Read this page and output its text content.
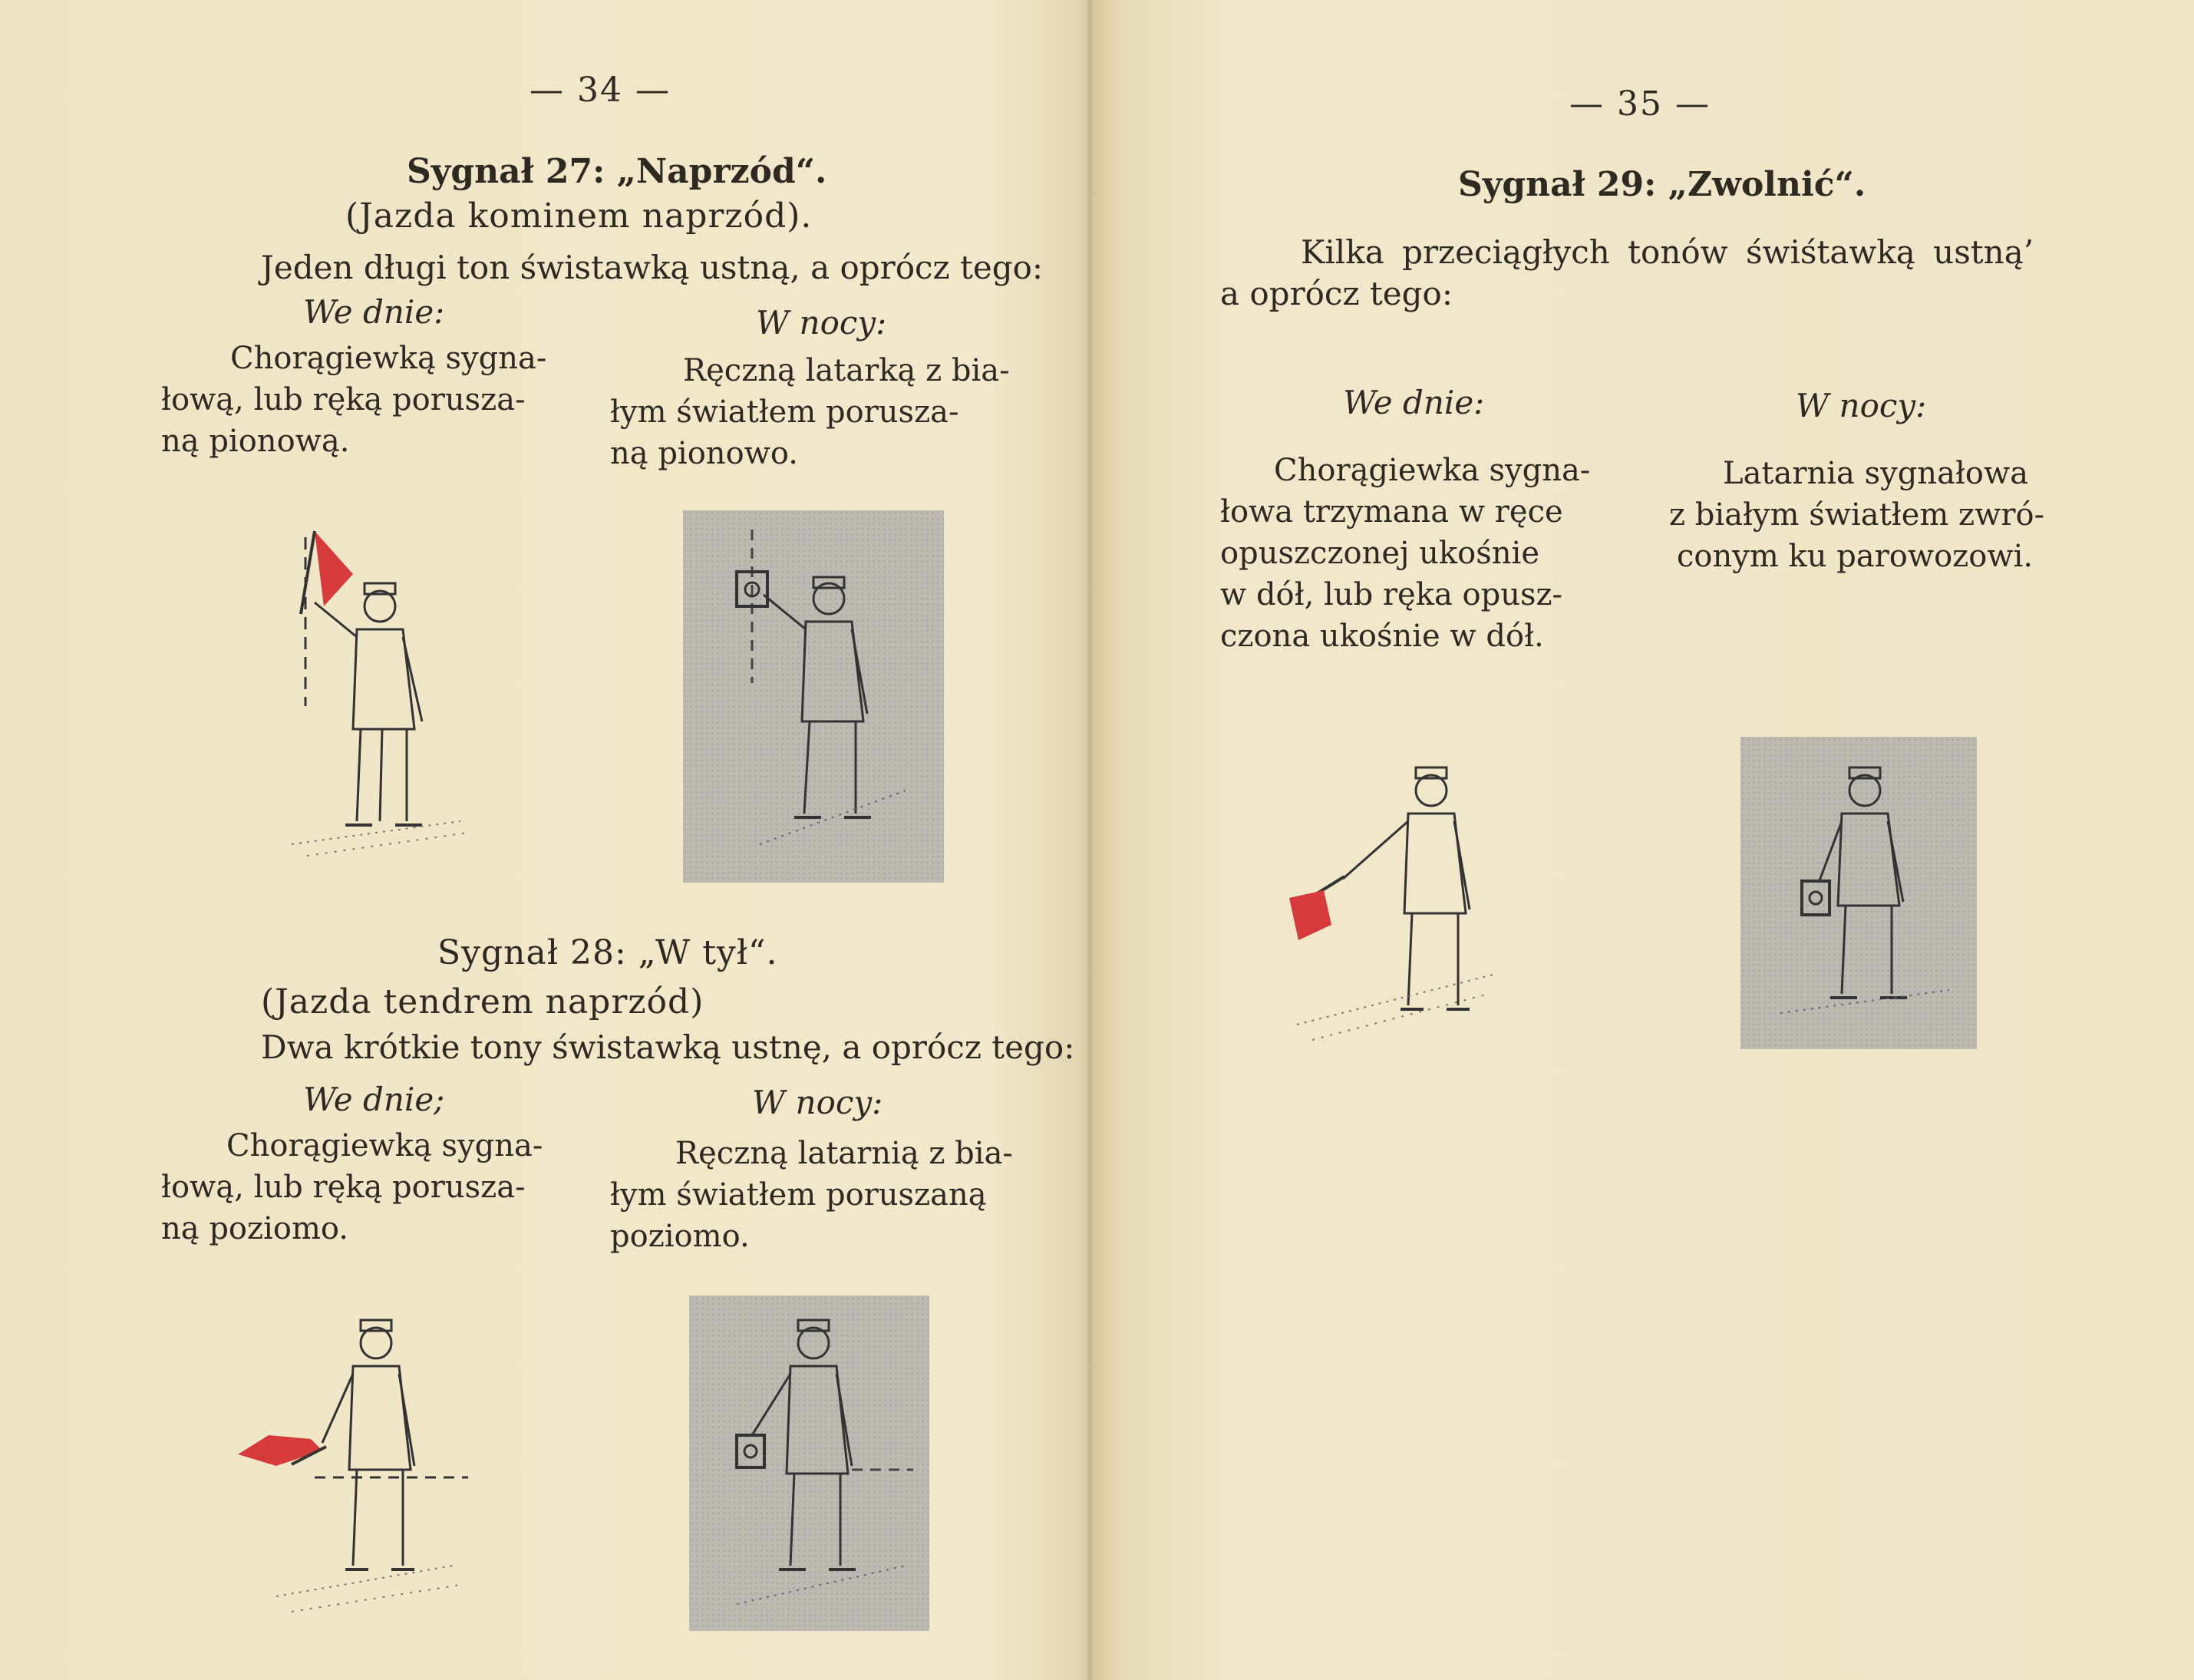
— 34 —
Sygnał 27: „Naprzód“.
(Jazda kominem naprzód).
Jeden długi ton świstawką ustną, a oprócz tego:
We dnie:	W nocy:
Chorągiewką sygna-
łową, lub ręką porusza-
ną pionową.
Ręczną latarką z bia-
łym światłem porusza-
ną pionowo.
Sygnał 28: „W tył“.
(Jazda tendrem naprzód)
Dwa krótkie tony świstawką ustnę, a oprócz tego:
We dnie;	W nocy:
Chorągiewką sygna-
łową, lub ręką porusza-
ną poziomo.
Ręczną latarnią z bia-
łym światłem poruszaną
poziomo.
— 35 —
Sygnał 29: „Zwolnić“.
Kilka przeciągłych tonów świśtawką ustną’
a oprócz tego:
We dnie:	W nocy:
Chorągiewka sygna-
łowa trzymana w ręce
opuszczonej ukośnie
w dół, lub ręka opusz-
czona ukośnie w dół.
Latarnia sygnałowa
z białym światłem zwró-
conym ku parowozowi.
